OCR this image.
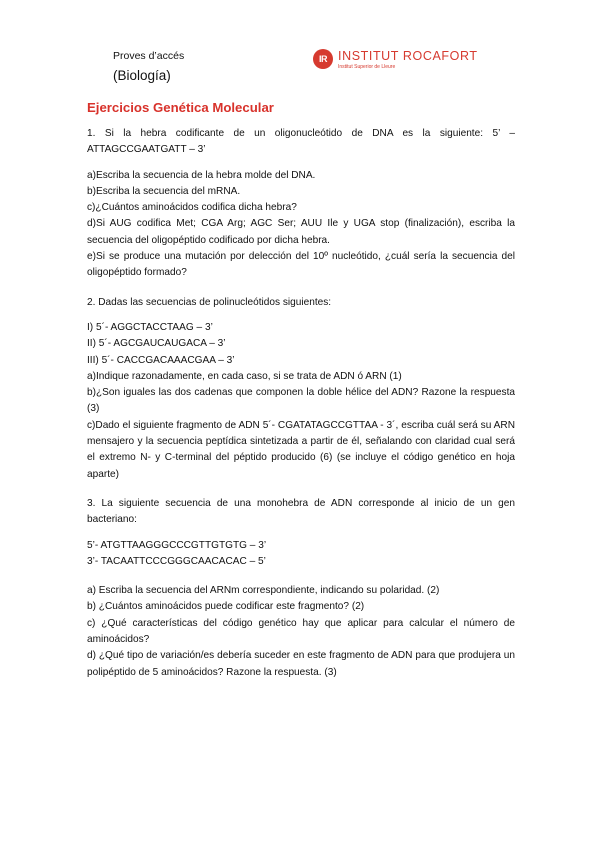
Proves d’accés
(Biología)
IR INSTITUT ROCAFORT
Institut Superior de Lleure
Ejercicios Genética Molecular

1. Si la hebra codificante de un oligonucleótido de DNA es la siguiente: 5’ – ATTAGCCGAATGATT – 3’

a)Escriba la secuencia de la hebra molde del DNA.

b)Escriba la secuencia del mRNA.

c)¿Cuántos aminoácidos codifica dicha hebra?

d)Si AUG codifica Met; CGA Arg; AGC Ser; AUU Ile y UGA stop (finalización), escriba la secuencia del oligopéptido codificado por dicha hebra.

e)Si se produce una mutación por delección del 10º nucleótido, ¿cuál sería la secuencia del oligopéptido formado?

2. Dadas las secuencias de polinucleótidos siguientes:

I) 5´- AGGCTACCTAAG – 3’

II) 5´- AGCGAUCAUGACA – 3’

III) 5´- CACCGACAAACGAA – 3’

a)Indique razonadamente, en cada caso, si se trata de ADN ó ARN (1)

b)¿Son iguales las dos cadenas que componen la doble hélice del ADN? Razone la respuesta (3)

c)Dado el siguiente fragmento de ADN 5´- CGATATAGCCGTTAA - 3´, escriba cuál será su ARN mensajero y la secuencia peptídica sintetizada a partir de él, señalando con claridad cual será el extremo N- y C-terminal del péptido producido (6) (se incluye el código genético en hoja aparte)

3. La siguiente secuencia de una monohebra de ADN corresponde al inicio de un gen bacteriano:

5’- ATGTTAAGGGCCCGTTGTGTG – 3’

3’- TACAATTCCCGGGCAACACAC – 5’

a) Escriba la secuencia del ARNm correspondiente, indicando su polaridad. (2)

b) ¿Cuántos aminoácidos puede codificar este fragmento? (2)

c) ¿Qué características del código genético hay que aplicar para calcular el número de aminoácidos?

d) ¿Qué tipo de variación/es debería suceder en este fragmento de ADN para que produjera un polipéptido de 5 aminoácidos? Razone la respuesta. (3)
